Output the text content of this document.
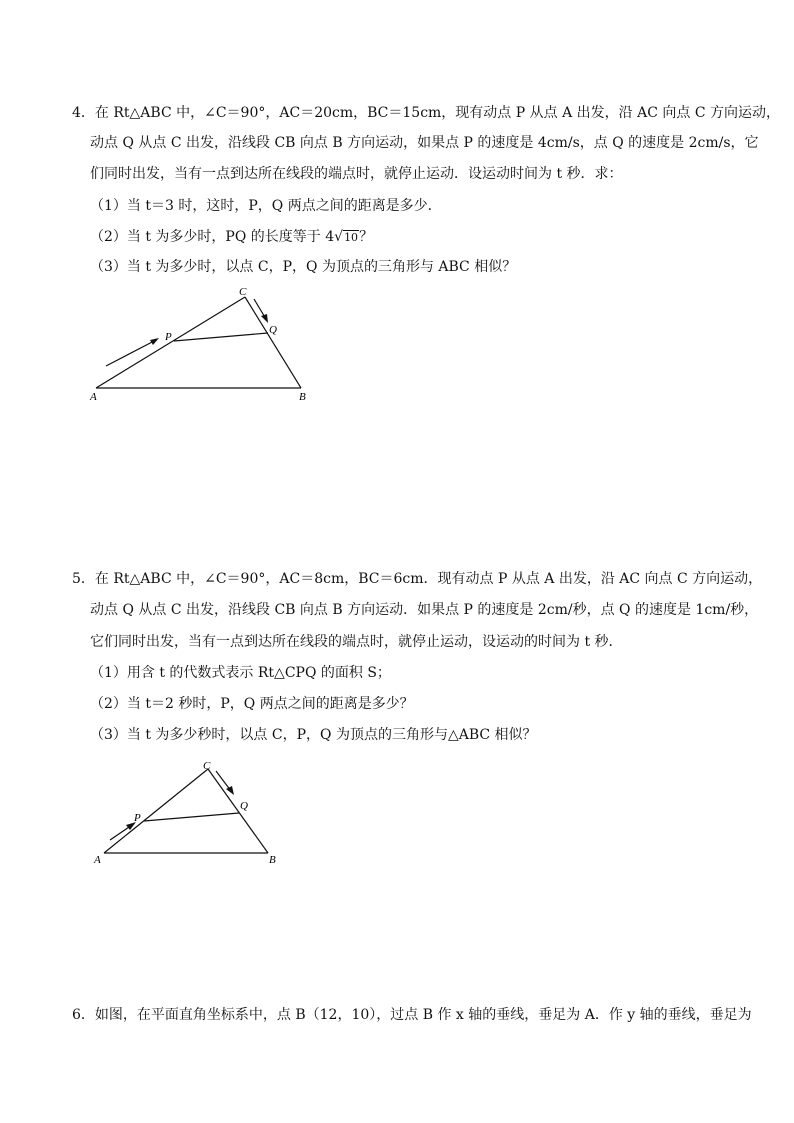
4．在 Rt△ABC 中，∠C＝90°，AC＝20cm，BC＝15cm，现有动点 P 从点 A 出发，沿 AC 向点 C 方向运动，
动点 Q 从点 C 出发，沿线段 CB 向点 B 方向运动，如果点 P 的速度是 4cm/s，点 Q 的速度是 2cm/s，它
们同时出发，当有一点到达所在线段的端点时，就停止运动．设运动时间为 t 秒．求：
（1）当 t＝3 时，这时，P，Q 两点之间的距离是多少．
（2）当 t 为多少时，PQ 的长度等于 4√10？
（3）当 t 为多少时，以点 C，P，Q 为顶点的三角形与 ABC 相似？
A	B
C
P
Q
5．在 Rt△ABC 中，∠C＝90°，AC＝8cm，BC＝6cm．现有动点 P 从点 A 出发，沿 AC 向点 C 方向运动，
动点 Q 从点 C 出发，沿线段 CB 向点 B 方向运动．如果点 P 的速度是 2cm/秒，点 Q 的速度是 1cm/秒，
它们同时出发，当有一点到达所在线段的端点时，就停止运动，设运动的时间为 t 秒．
（1）用含 t 的代数式表示 Rt△CPQ 的面积 S；
（2）当 t＝2 秒时，P，Q 两点之间的距离是多少？
（3）当 t 为多少秒时，以点 C，P，Q 为顶点的三角形与△ABC 相似？
A	B
C
P
Q
6．如图，在平面直角坐标系中，点 B（12，10），过点 B 作 x 轴的垂线，垂足为 A．作 y 轴的垂线，垂足为
